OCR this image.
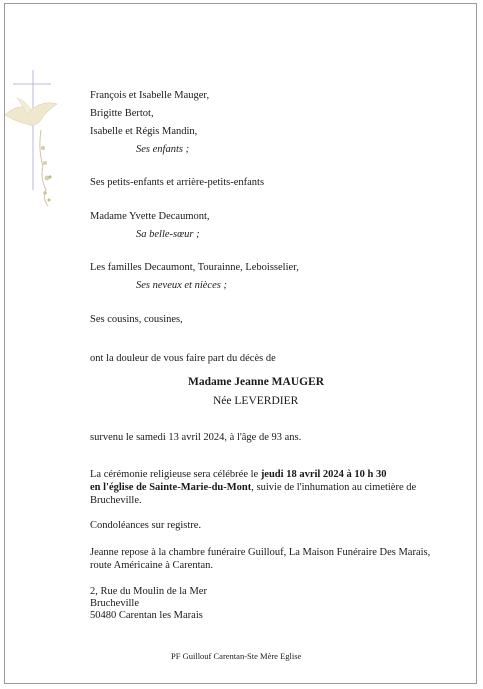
François et Isabelle Mauger,
Brigitte Bertot,
Isabelle et Régis Mandin,
Ses enfants ;
Ses petits-enfants et arrière-petits-enfants
Madame Yvette Decaumont,
Sa belle-sœur ;
Les familles Decaumont, Tourainne, Leboisselier,
Ses neveux et nièces ;
Ses cousins, cousines,
ont la douleur de vous faire part du décès de
Madame Jeanne MAUGER
Née LEVERDIER
survenu le samedi 13 avril 2024, à l'âge de 93 ans.
La cérémonie religieuse sera célébrée le jeudi 18 avril 2024 à 10 h 30
en l'église de Sainte-Marie-du-Mont, suivie de l'inhumation au cimetière de
Brucheville.
Condoléances sur registre.
Jeanne repose à la chambre funéraire Guillouf, La Maison Funéraire Des Marais,
route Américaine à Carentan.
2, Rue du Moulin de la Mer
Brucheville
50480 Carentan les Marais
PF Guillouf Carentan-Ste Mère Eglise
